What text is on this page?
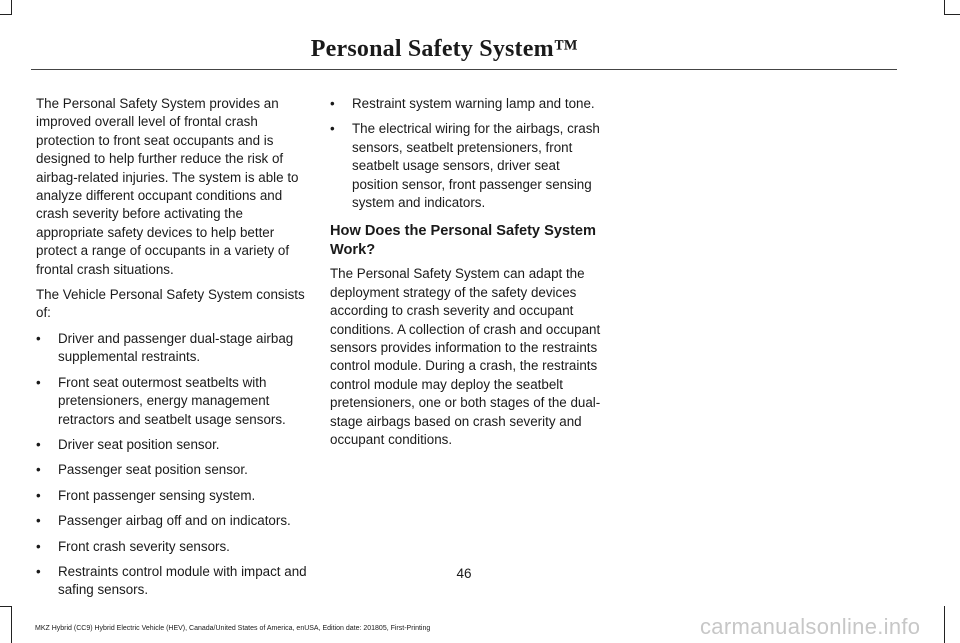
Personal Safety System™

The Personal Safety System provides an improved overall level of frontal crash protection to front seat occupants and is designed to help further reduce the risk of airbag-related injuries. The system is able to analyze different occupant conditions and crash severity before activating the appropriate safety devices to help better protect a range of occupants in a variety of frontal crash situations.

The Vehicle Personal Safety System consists of:

• Driver and passenger dual-stage airbag supplemental restraints.
• Front seat outermost seatbelts with pretensioners, energy management retractors and seatbelt usage sensors.
• Driver seat position sensor.
• Passenger seat position sensor.
• Front passenger sensing system.
• Passenger airbag off and on indicators.
• Front crash severity sensors.
• Restraints control module with impact and safing sensors.
• Restraint system warning lamp and tone.
• The electrical wiring for the airbags, crash sensors, seatbelt pretensioners, front seatbelt usage sensors, driver seat position sensor, front passenger sensing system and indicators.
How Does the Personal Safety System Work?

The Personal Safety System can adapt the deployment strategy of the safety devices according to crash severity and occupant conditions. A collection of crash and occupant sensors provides information to the restraints control module. During a crash, the restraints control module may deploy the seatbelt pretensioners, one or both stages of the dual-stage airbags based on crash severity and occupant conditions.

46
MKZ Hybrid (CC9) Hybrid Electric Vehicle (HEV), Canada/United States of America, enUSA, Edition date: 201805, First-Printing	carmanualsonline.info
